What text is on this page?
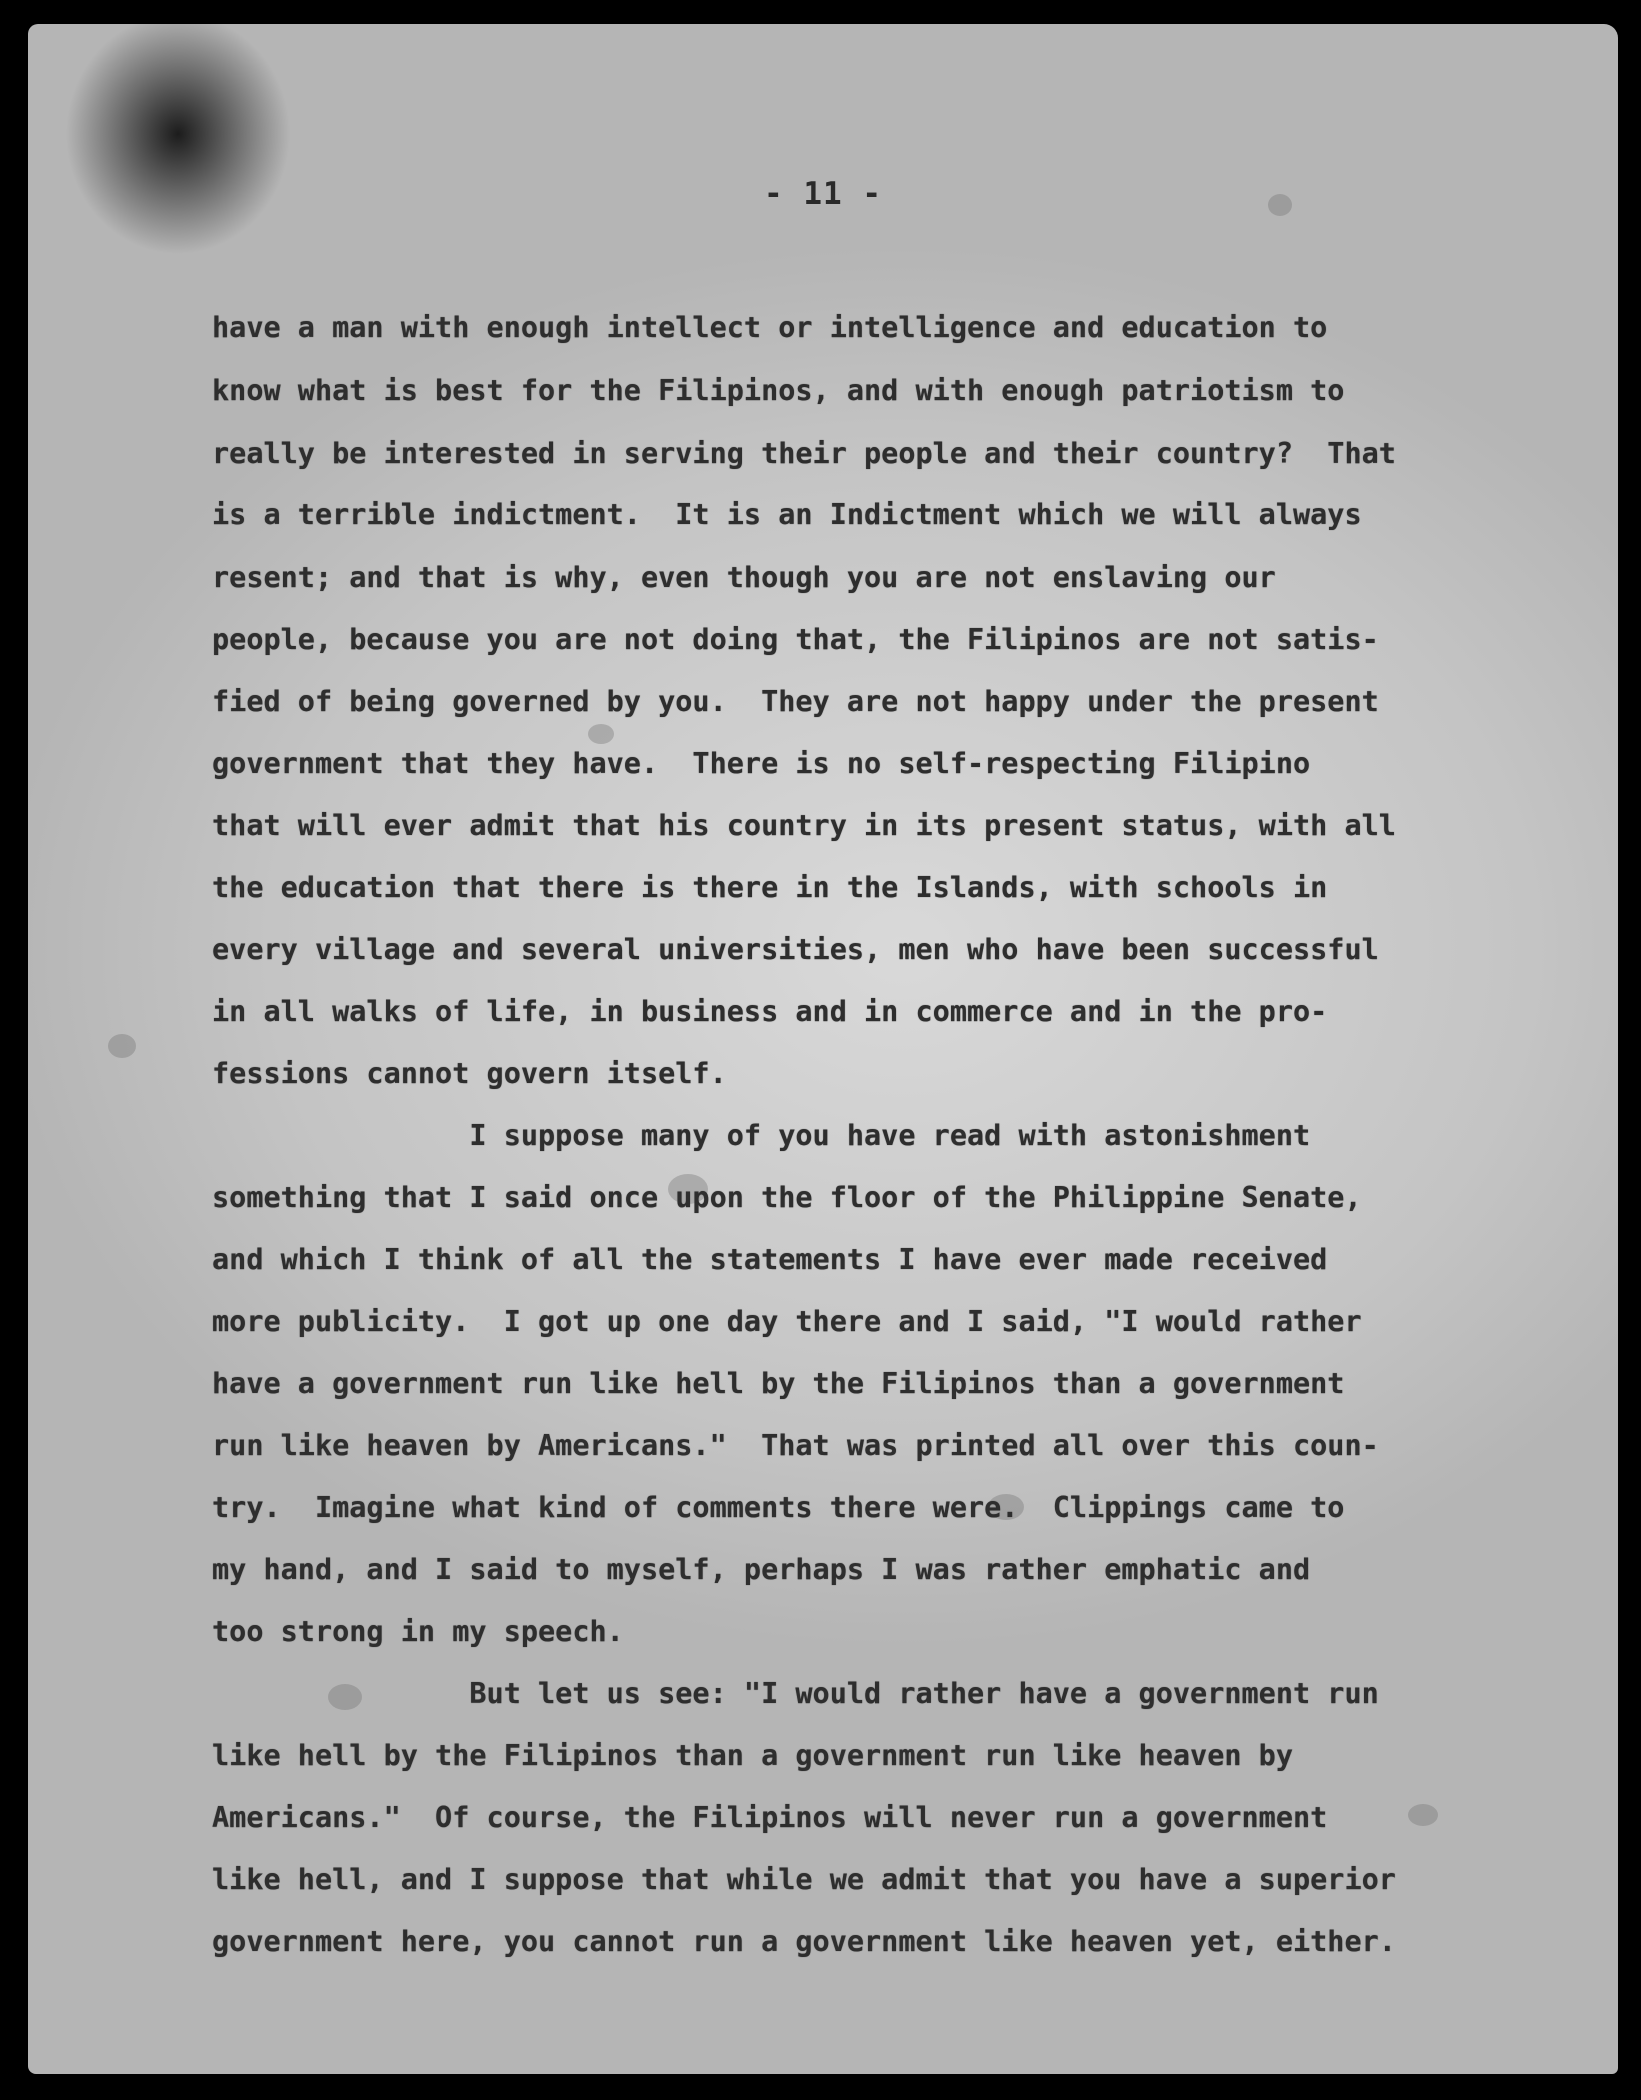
- 11 -
have a man with enough intellect or intelligence and education to
know what is best for the Filipinos, and with enough patriotism to
really be interested in serving their people and their country?  That
is a terrible indictment.  It is an Indictment which we will always
resent; and that is why, even though you are not enslaving our
people, because you are not doing that, the Filipinos are not satis-
fied of being governed by you.  They are not happy under the present
government that they have.  There is no self-respecting Filipino
that will ever admit that his country in its present status, with all
the education that there is there in the Islands, with schools in
every village and several universities, men who have been successful
in all walks of life, in business and in commerce and in the pro-
fessions cannot govern itself.
I suppose many of you have read with astonishment
something that I said once upon the floor of the Philippine Senate,
and which I think of all the statements I have ever made received
more publicity.  I got up one day there and I said, "I would rather
have a government run like hell by the Filipinos than a government
run like heaven by Americans."  That was printed all over this coun-
try.  Imagine what kind of comments there were.  Clippings came to
my hand, and I said to myself, perhaps I was rather emphatic and
too strong in my speech.
But let us see: "I would rather have a government run
like hell by the Filipinos than a government run like heaven by
Americans."  Of course, the Filipinos will never run a government
like hell, and I suppose that while we admit that you have a superior
government here, you cannot run a government like heaven yet, either.
